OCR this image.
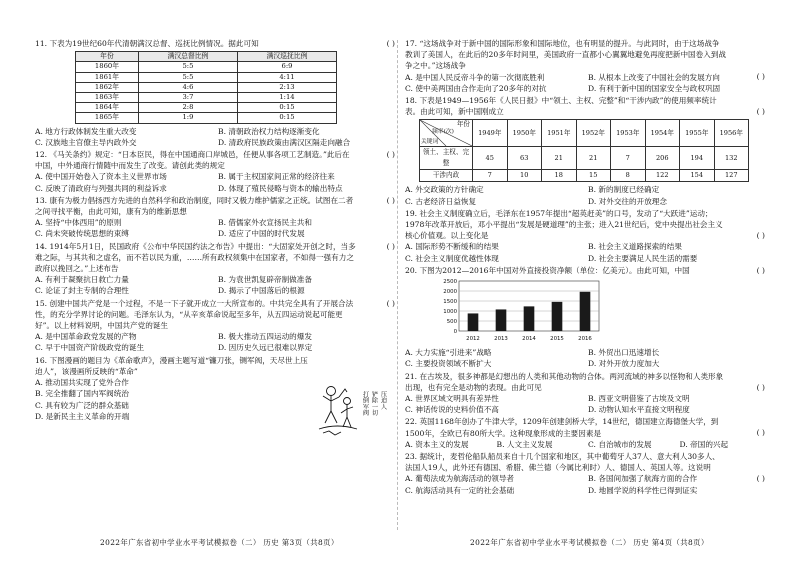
11. 下表为19世纪60年代清朝满汉总督、巡抚比例情况。据此可知	( )
年份	满汉总督比例	满汉巡抚比例
1860年	5:5	6:9
1861年	5:5	4:11
1862年	4:6	2:13
1863年	3:7	1:14
1864年	2:8	0:15
1865年	1:9	0:15
A. 地方行政体制发生重大改变	B. 清朝政治权力结构逐渐变化
C. 汉族地主官僚主导内政外交	D. 清政府民族政策由满汉区隔走向融合
12. 《马关条约》规定：“日本臣民，得在中国通商口岸城邑，任便从事各项工艺制造。”此后在中国，中外通商行情随中而发生了改变。请创此类的规定
( )
A. 使中国开始卷入了资本主义世界市场	B. 属于主权国家间正常的经济往来
C. 反映了清政府与列强共同的利益诉求	D. 体现了殖民侵略与资本的输出特点
13. 康有为极力倡扬西方先进的自然科学和政治制度，同时又极力维护儒家之正统。试图在二者之间寻找平衡，由此可知，康有为的维新思想
( )
A. 坚持“中体西用”的原则	B. 借儒家外衣宣扬民主共和
C. 尚未突破传统思想的束缚	D. 适应了中国的时代发展
14. 1914年5月1日，民国政府《公布中华民国约法之布告》中提出：“大固家处开创之时，当多难之际，与其共和之虚名，而不若以民为重，……所有政权须集中在国家者，不如得一强有力之政府以挽回之。”上述布告
( )
A. 有利于凝聚抗日救亡力量	B. 为袁世凯复辟帝制做准备
C. 论证了封主专制的合理性	D. 揭示了中国落后的根源
15. 创建中国共产党是一个过程，不是一下子就开成立一大所宣布的。中共完全具有了开展合法性，的充分学界讨论的问题。毛泽东认为，“从辛亥革命说起至多年，从五四运动说起可能更好”。以上材料说明，中国共产党的诞生
( )
A. 是中国革命政党发展的产物	B. 极大推动五四运动的爆发
C. 早于中国资产阶级政党的诞生	D. 因历史久远已很难以界定
16. 下图漫画的题目为《革命歌声》，漫画主题写道“镰刀张，铡军阀，天尽世上压迫人”，该漫画所反映的“革命”
A. 推动国共实现了党外合作
B. 完全推翻了国内军阀统治
C. 具有较为广泛的群众基础
D. 是新民主主义革命的开端
打倒军阀 铲除一切 压迫人
17. “这场战争对于新中国的国际形象和国际地位，也有明显的提升。与此同时，由于这场战争教训了美国人，在此后的20多年时间里，美国政府一直都小心翼翼地避免再度把新中国卷入到战争之中。”这场战争
( )
A. 是中国人民反帝斗争的第一次彻底胜利	B. 从根本上改变了中国社会的发展方向
C. 使中美两国由合作走向了20多年的对抗	D. 有利于新中国的国家安全与政权巩固
18. 下表是1949—1956年《人民日报》中“领土、主权、完整”和“干涉内政”的使用频率统计表。由此可知，新中国刚成立	( )
年份
频率(次)
关键词	1949年	1950年	1951年	1952年	1953年	1954年	1955年	1956年
领土、主权、完整	45	63	21	21	7	206	194	132
干涉内政	7	10	18	15	8	122	154	127
A. 外交政策的方针确定	B. 新的制度已经确定
C. 古老经济日益恢复	D. 对外交往的开放理念
19. 社会主义制度确立后，毛泽东在1957年提出“超英赶美”的口号，发动了“大跃进”运动；1978年改革开放后，邓小平提出“发展是硬道理”的主张；进入21世纪后，党中央提出社会主义核心价值观。以上变化是	( )
A. 国际形势不断缓和的结果	B. 社会主义道路探索的结果
C. 社会主义制度优越性体现	D. 社会主要满足人民生活的需要
20. 下图为2012—2016年中国对外直接投资净额（单位：亿美元）。由此可知，中国	( )
0
500
1000
1500
2000
2500
2012	2013	2014	2015	2016
A. 大力实施“引进来”战略	B. 外贸出口迅速增长
C. 主要投资领域不断扩大	D. 对外开放力度加大
21. 在古埃及，很多神都是幻想出的人类和其他动物的合体。两河流域的神多以怪物和人类形象出现，也有完全是动物的表现。由此可见	( )
A. 世界区域文明具有差异性	B. 西亚文明借鉴了古埃及文明
C. 神话传说的史料价值不高	D. 动物认知水平直接文明程度
22. 英国1168年创办了牛津大学，1209年创建剑桥大学，14世纪，德国建立海德堡大学，到1500年，全欧已有80所大学。这种现象形成的主要因素是	( )
A. 资本主义的发展	B. 人文主义发展	C. 自治城市的发展	D. 帝国的兴起
23. 据统计，麦哲伦船队船员来自十几个国家和地区，其中葡萄牙人37人、意大利人30多人、法国人19人，此外还有德国、希腊、佛兰德（今属比利时）人、德国人、英国人等。这说明
( )
A. 葡萄法成为航海活动的领导者	B. 各国间加强了航海方面的合作
C. 航海活动具有一定的社会基础	D. 地圆学说的科学性已得到证实
2022年广东省初中学业水平考试模拟卷（二） 历史 第3页（共8页）	2022年广东省初中学业水平考试模拟卷（二） 历史 第4页（共8页）
